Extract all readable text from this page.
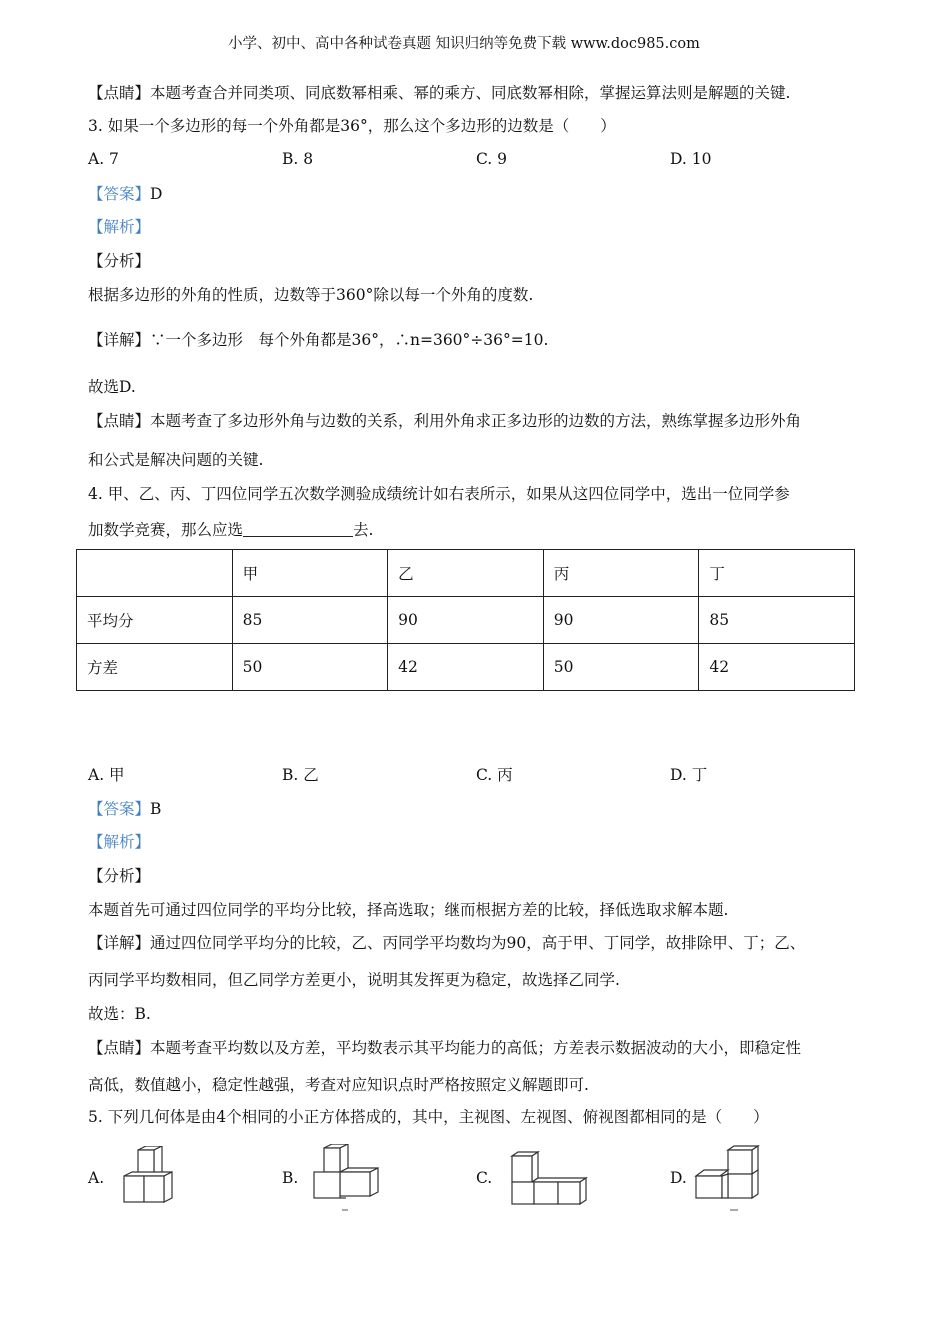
小学、初中、高中各种试卷真题 知识归纳等免费下载 www.doc985.com
【点睛】本题考查合并同类项、同底数幂相乘、幂的乘方、同底数幂相除，掌握运算法则是解题的关键.
3. 如果一个多边形的每一个外角都是36°，那么这个多边形的边数是（　　）
A. 7	B. 8	C. 9	D. 10
【答案】D
【解析】
【分析】
根据多边形的外角的性质，边数等于360°除以每一个外角的度数.
【详解】∵一个多边形　每个外角都是36°，∴n=360°÷36°=10.
故选D.
【点睛】本题考查了多边形外角与边数的关系，利用外角求正多边形的边数的方法，熟练掌握多边形外角
和公式是解决问题的关键.
4. 甲、乙、丙、丁四位同学五次数学测验成绩统计如右表所示，如果从这四位同学中，选出一位同学参
加数学竞赛，那么应选	去.
	甲	乙	丙	丁
平均分	85	90	90	85
方差	50	42	50	42
A. 甲	B. 乙	C. 丙	D. 丁
【答案】B
【解析】
【分析】
本题首先可通过四位同学的平均分比较，择高选取；继而根据方差的比较，择低选取求解本题.
【详解】通过四位同学平均分的比较，乙、丙同学平均数均为90，高于甲、丁同学，故排除甲、丁；乙、
丙同学平均数相同，但乙同学方差更小，说明其发挥更为稳定，故选择乙同学.
故选：B.
【点睛】本题考查平均数以及方差，平均数表示其平均能力的高低；方差表示数据波动的大小，即稳定性
高低，数值越小，稳定性越强，考查对应知识点时严格按照定义解题即可.
5. 下列几何体是由4个相同的小正方体搭成的，其中，主视图、左视图、俯视图都相同的是（　　）
A.	B.	C.	D.
